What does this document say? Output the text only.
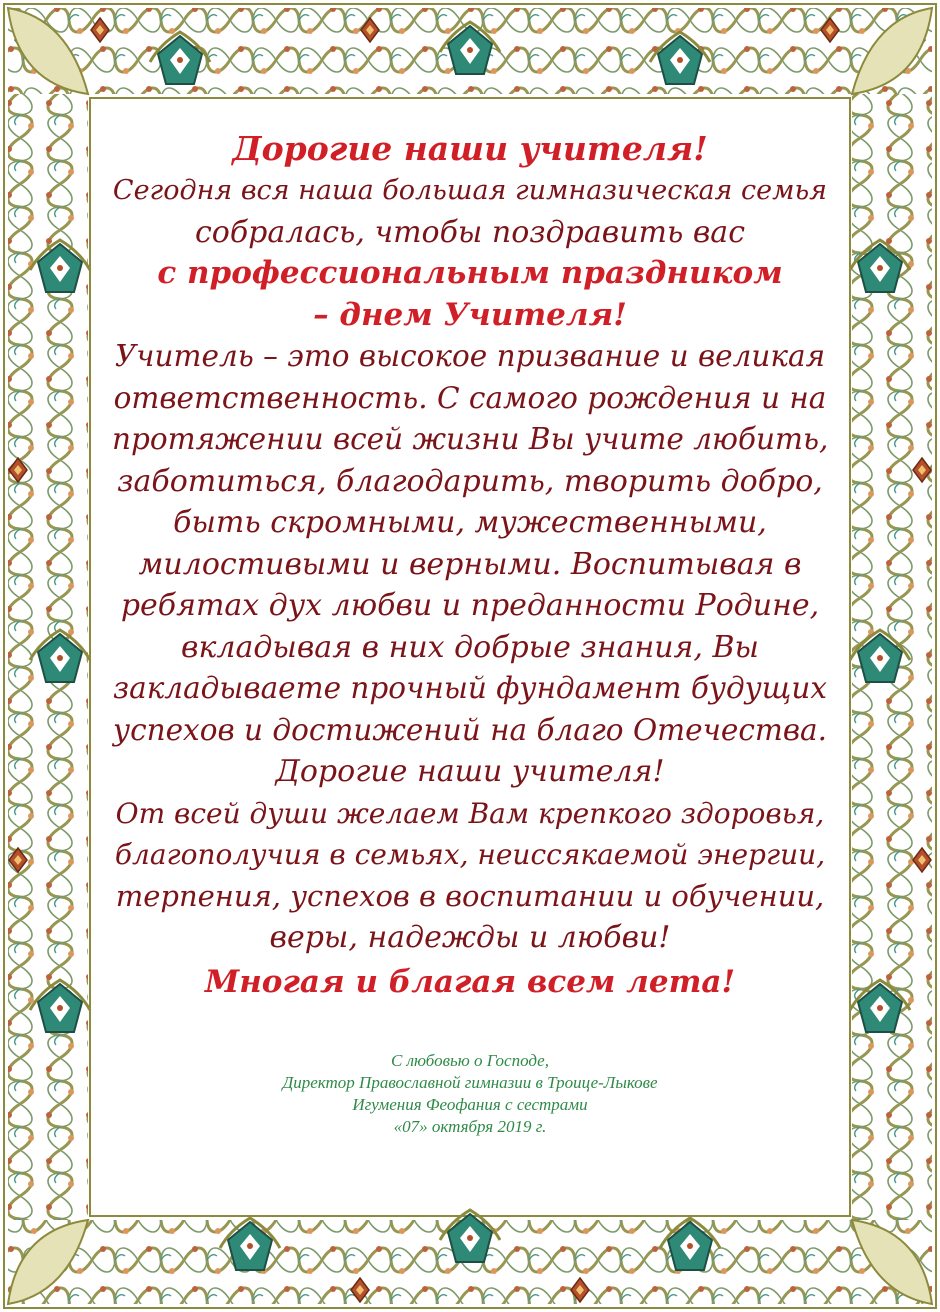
Дорогие наши учителя!

Сегодня вся наша большая гимназическая семья

собралась, чтобы поздравить вас

с профессиональным праздником

– днем Учителя!

Учитель – это высокое призвание и великая

ответственность. С самого рождения и на

протяжении всей жизни Вы учите любить,

заботиться, благодарить, творить добро,

быть скромными, мужественными,

милостивыми и верными. Воспитывая в

ребятах дух любви и преданности Родине,

вкладывая в них добрые знания, Вы

закладываете прочный фундамент будущих

успехов и достижений на благо Отечества.

Дорогие наши учителя!

От всей души желаем Вам крепкого здоровья,

благополучия в семьях, неиссякаемой энергии,

терпения, успехов в воспитании и обучении,

веры, надежды и любви!

Многая и благая всем лета!

С любовью о Господе,
Директор Православной гимназии в Троице-Лыкове
Игумения Феофания с сестрами
«07» октября 2019 г.
